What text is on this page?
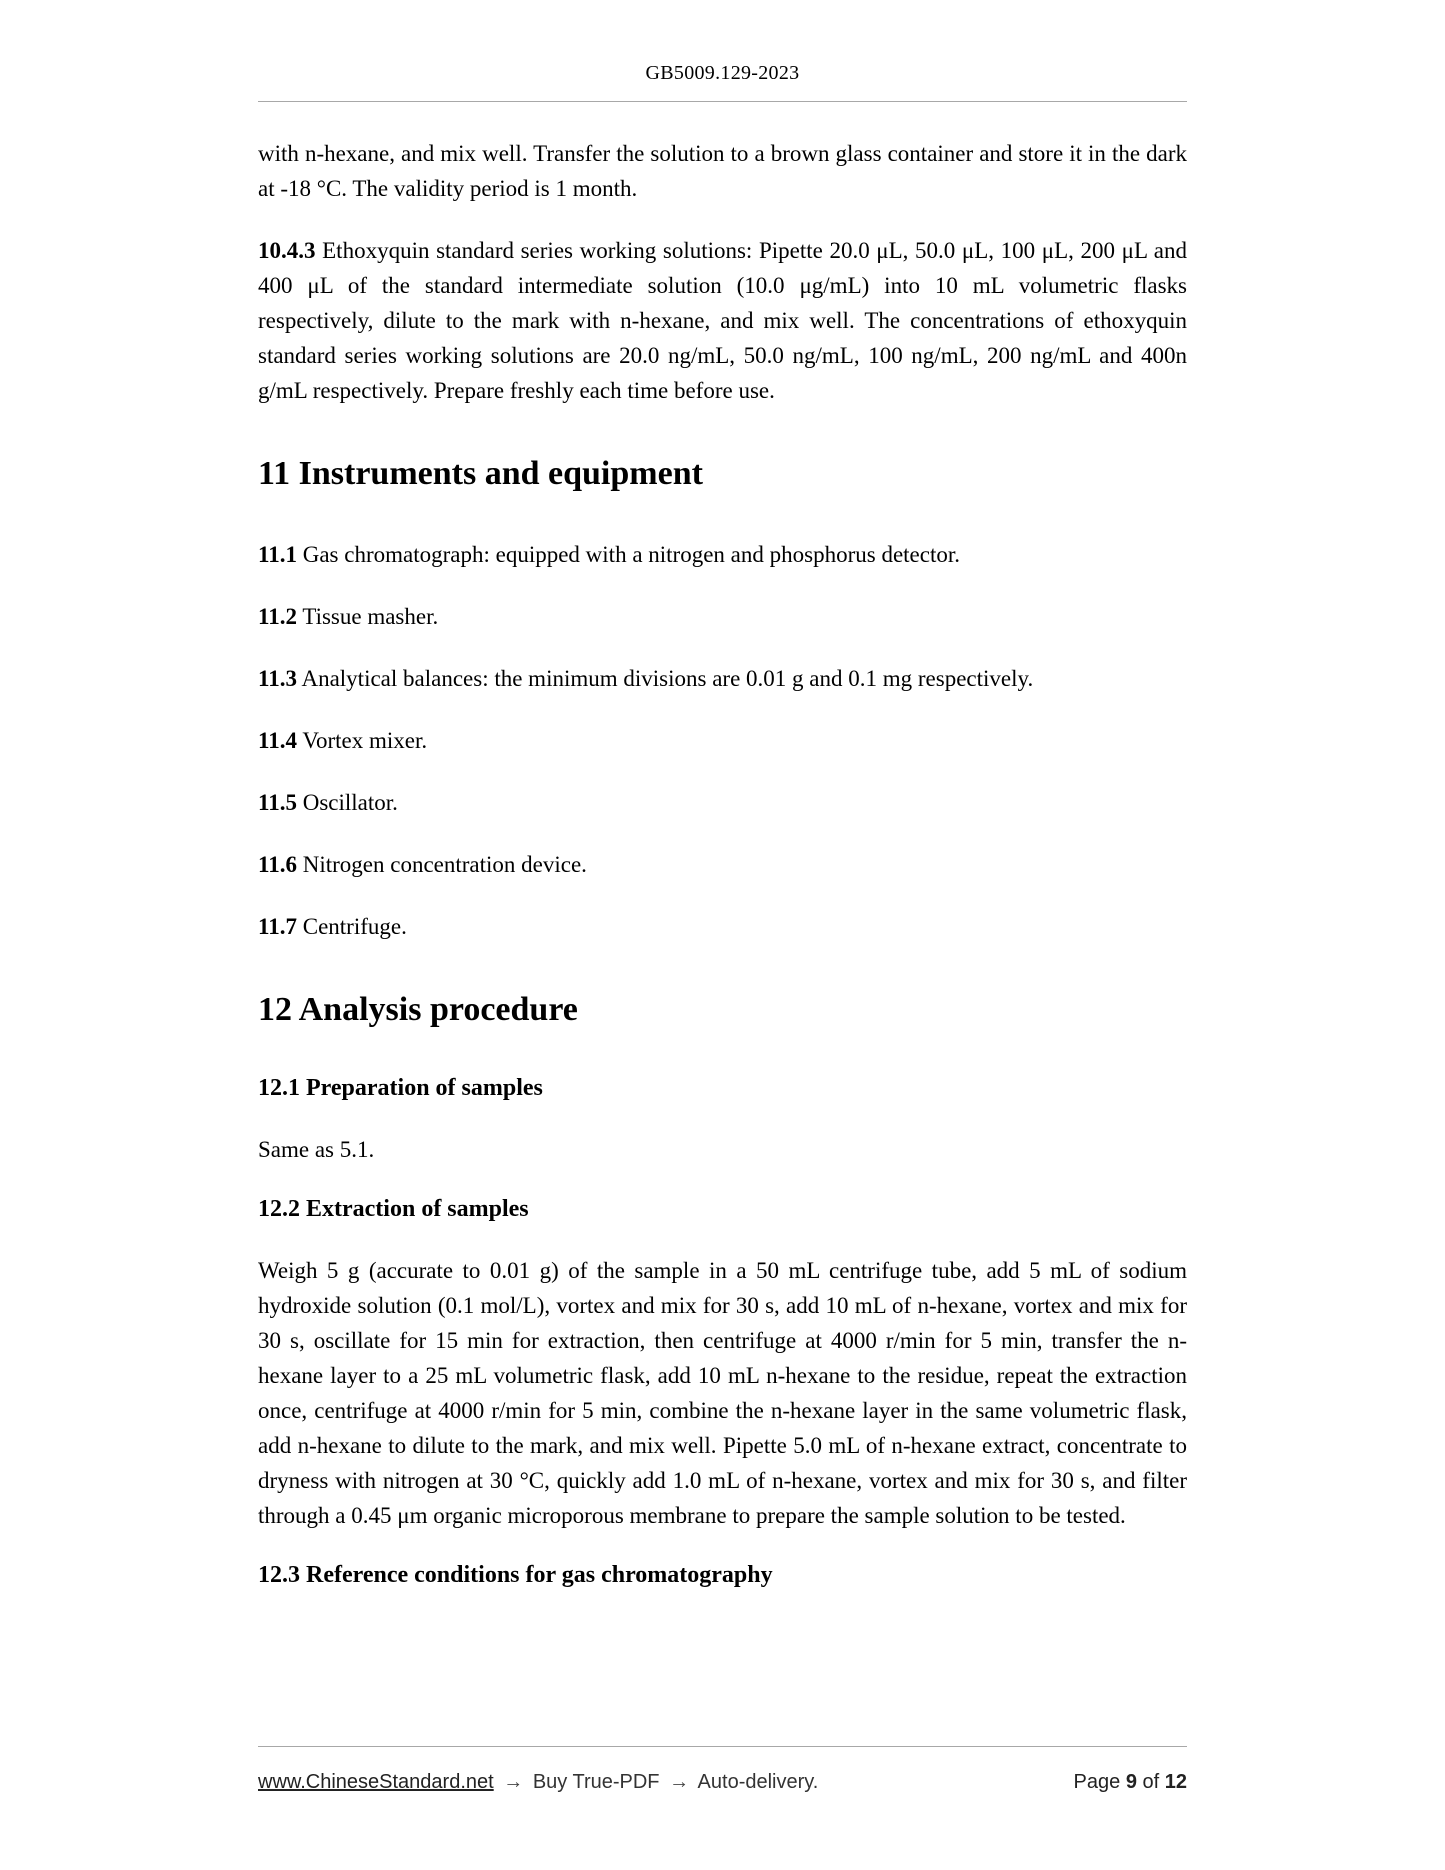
GB5009.129-2023

with n-hexane, and mix well. Transfer the solution to a brown glass container and store it in the dark at -18 °C. The validity period is 1 month.

10.4.3 Ethoxyquin standard series working solutions: Pipette 20.0 μL, 50.0 μL, 100 μL, 200 μL and 400 μL of the standard intermediate solution (10.0 μg/mL) into 10 mL volumetric flasks respectively, dilute to the mark with n-hexane, and mix well. The concentrations of ethoxyquin standard series working solutions are 20.0 ng/mL, 50.0 ng/mL, 100 ng/mL, 200 ng/mL and 400n g/mL respectively. Prepare freshly each time before use.

11 Instruments and equipment

11.1 Gas chromatograph: equipped with a nitrogen and phosphorus detector.

11.2 Tissue masher.

11.3 Analytical balances: the minimum divisions are 0.01 g and 0.1 mg respectively.

11.4 Vortex mixer.

11.5 Oscillator.

11.6 Nitrogen concentration device.

11.7 Centrifuge.

12 Analysis procedure
12.1 Preparation of samples

Same as 5.1.

12.2 Extraction of samples

Weigh 5 g (accurate to 0.01 g) of the sample in a 50 mL centrifuge tube, add 5 mL of sodium hydroxide solution (0.1 mol/L), vortex and mix for 30 s, add 10 mL of n-hexane, vortex and mix for 30 s, oscillate for 15 min for extraction, then centrifuge at 4000 r/min for 5 min, transfer the n-hexane layer to a 25 mL volumetric flask, add 10 mL n-hexane to the residue, repeat the extraction once, centrifuge at 4000 r/min for 5 min, combine the n-hexane layer in the same volumetric flask, add n-hexane to dilute to the mark, and mix well. Pipette 5.0 mL of n-hexane extract, concentrate to dryness with nitrogen at 30 °C, quickly add 1.0 mL of n-hexane, vortex and mix for 30 s, and filter through a 0.45 μm organic microporous membrane to prepare the sample solution to be tested.

12.3 Reference conditions for gas chromatography
www.ChineseStandard.net → Buy True-PDF → Auto-delivery.	Page 9 of 12
